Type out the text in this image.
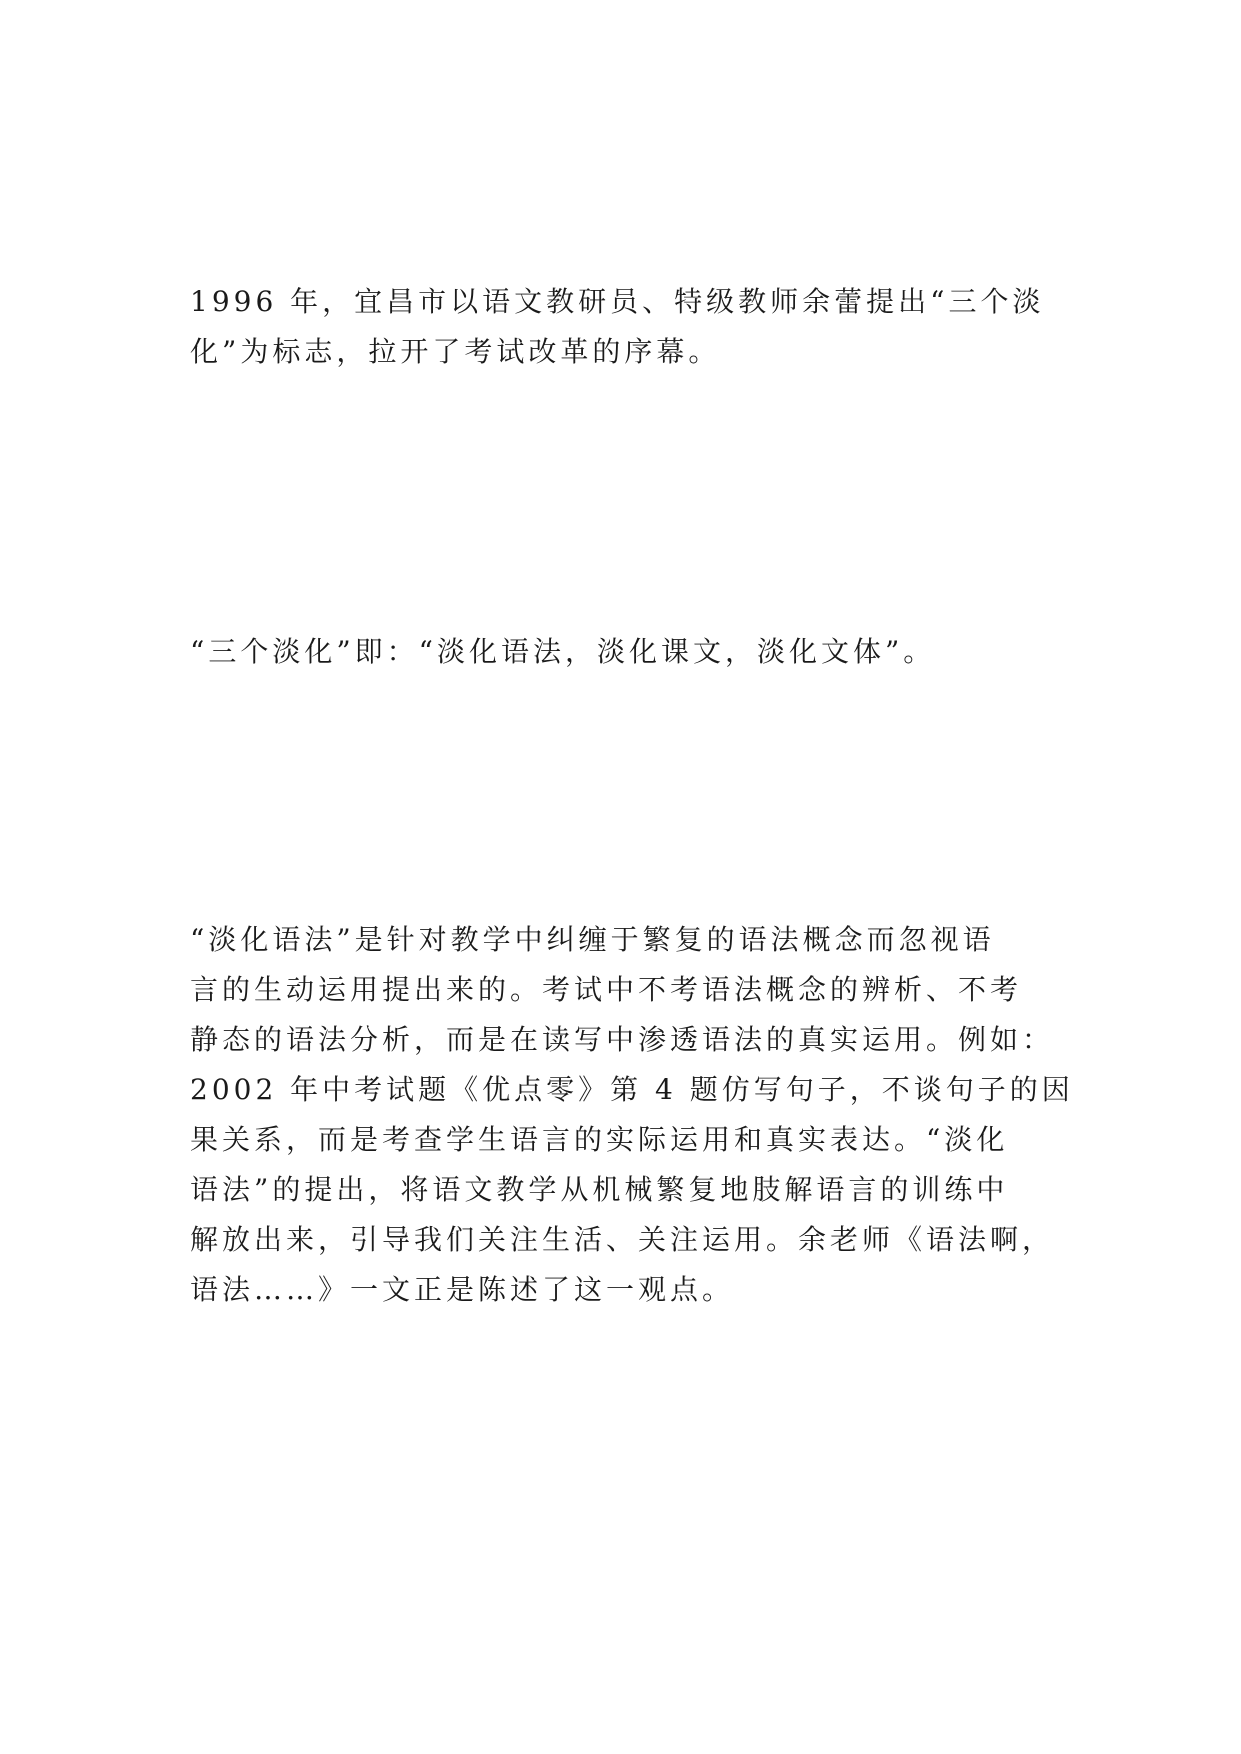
1996 年，宜昌市以语文教研员、特级教师余蕾提出“三个淡
化”为标志，拉开了考试改革的序幕。
“三个淡化”即：“淡化语法，淡化课文，淡化文体”。
“淡化语法”是针对教学中纠缠于繁复的语法概念而忽视语
言的生动运用提出来的。考试中不考语法概念的辨析、不考
静态的语法分析，而是在读写中渗透语法的真实运用。例如：
2002 年中考试题《优点零》第 4 题仿写句子，不谈句子的因
果关系，而是考查学生语言的实际运用和真实表达。“淡化
语法”的提出，将语文教学从机械繁复地肢解语言的训练中
解放出来，引导我们关注生活、关注运用。余老师《语法啊，
语法……》一文正是陈述了这一观点。
